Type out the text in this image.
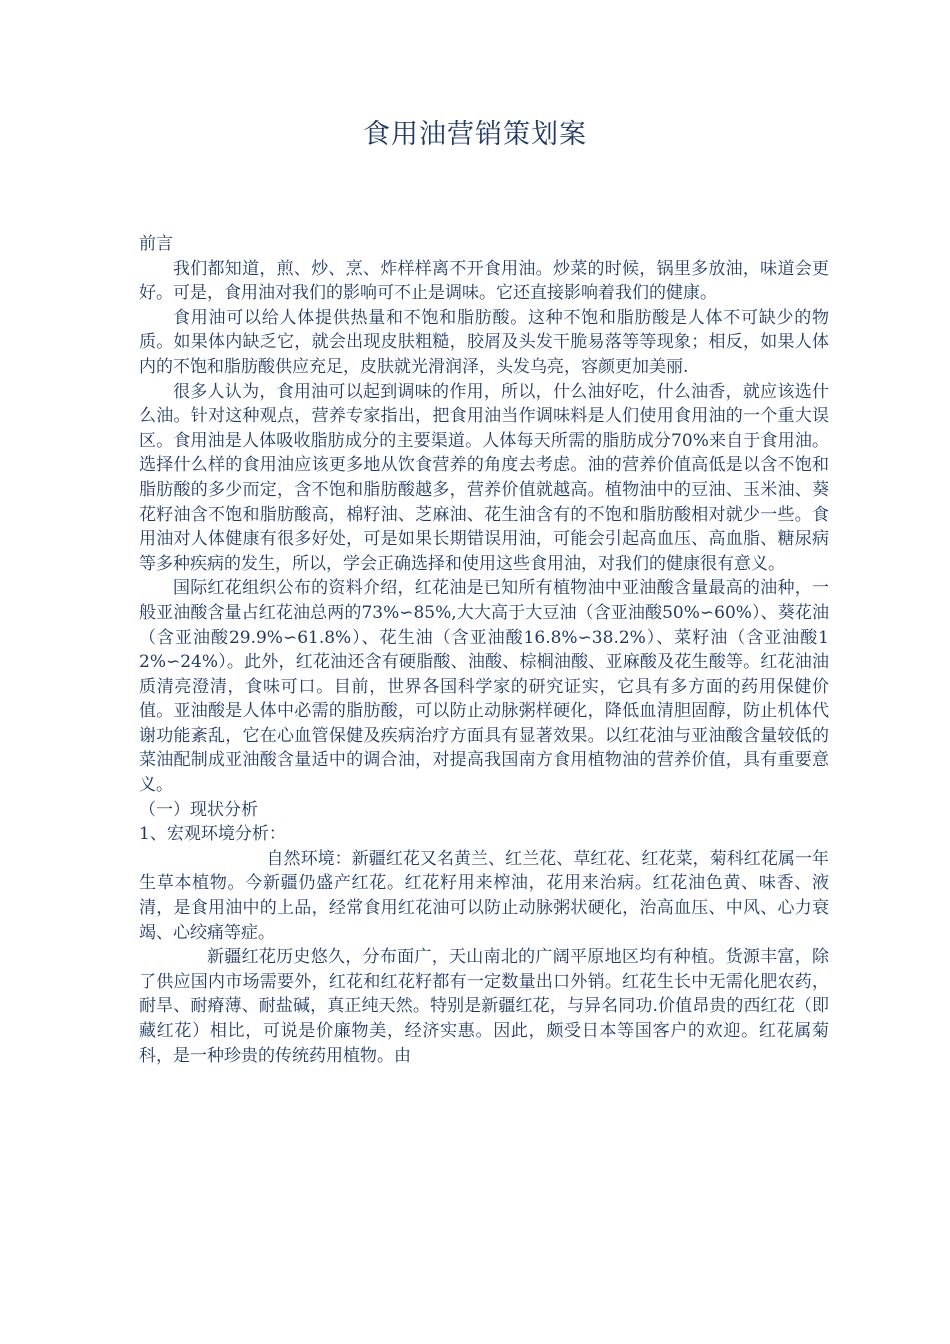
食用油营销策划案

前言

我们都知道，煎、炒、烹、炸样样离不开食用油。炒菜的时候，锅里多放油，味道会更好。可是，食用油对我们的影响可不止是调味。它还直接影响着我们的健康。

食用油可以给人体提供热量和不饱和脂肪酸。这种不饱和脂肪酸是人体不可缺少的物质。如果体内缺乏它，就会出现皮肤粗糙，胶屑及头发干脆易落等等现象；相反，如果人体内的不饱和脂肪酸供应充足，皮肤就光滑润泽，头发乌亮，容颜更加美丽.

很多人认为，食用油可以起到调味的作用，所以，什么油好吃，什么油香，就应该选什么油。针对这种观点，营养专家指出，把食用油当作调味料是人们使用食用油的一个重大误区。食用油是人体吸收脂肪成分的主要渠道。人体每天所需的脂肪成分70%来自于食用油。选择什么样的食用油应该更多地从饮食营养的角度去考虑。油的营养价值高低是以含不饱和脂肪酸的多少而定，含不饱和脂肪酸越多，营养价值就越高。植物油中的豆油、玉米油、葵花籽油含不饱和脂肪酸高，棉籽油、芝麻油、花生油含有的不饱和脂肪酸相对就少一些。食用油对人体健康有很多好处，可是如果长期错误用油，可能会引起高血压、高血脂、糖尿病等多种疾病的发生，所以，学会正确选择和使用这些食用油，对我们的健康很有意义。

国际红花组织公布的资料介绍，红花油是已知所有植物油中亚油酸含量最高的油种，一般亚油酸含量占红花油总两的73%∽85%,大大高于大豆油（含亚油酸50%∽60%）、葵花油（含亚油酸29.9%∽61.8%）、花生油（含亚油酸16.8%∽38.2%）、菜籽油（含亚油酸12%∽24%）。此外，红花油还含有硬脂酸、油酸、棕榈油酸、亚麻酸及花生酸等。红花油油质清亮澄清，食味可口。目前，世界各国科学家的研究证实，它具有多方面的药用保健价值。亚油酸是人体中必需的脂肪酸，可以防止动脉粥样硬化，降低血清胆固醇，防止机体代谢功能紊乱，它在心血管保健及疾病治疗方面具有显著效果。以红花油与亚油酸含量较低的菜油配制成亚油酸含量适中的调合油，对提高我国南方食用植物油的营养价值，具有重要意义。

（一）现状分析

1、宏观环境分析：

自然环境：新疆红花又名黄兰、红兰花、草红花、红花菜，菊科红花属一年生草本植物。今新疆仍盛产红花。红花籽用来榨油，花用来治病。红花油色黄、味香、液清，是食用油中的上品，经常食用红花油可以防止动脉粥状硬化，治高血压、中风、心力衰竭、心绞痛等症。

新疆红花历史悠久，分布面广，天山南北的广阔平原地区均有种植。货源丰富，除了供应国内市场需要外，红花和红花籽都有一定数量出口外销。红花生长中无需化肥农药，耐旱、耐瘠薄、耐盐碱，真正纯天然。特别是新疆红花，与异名同功.价值昂贵的西红花（即藏红花）相比，可说是价廉物美，经济实惠。因此，颇受日本等国客户的欢迎。红花属菊科，是一种珍贵的传统药用植物。由
